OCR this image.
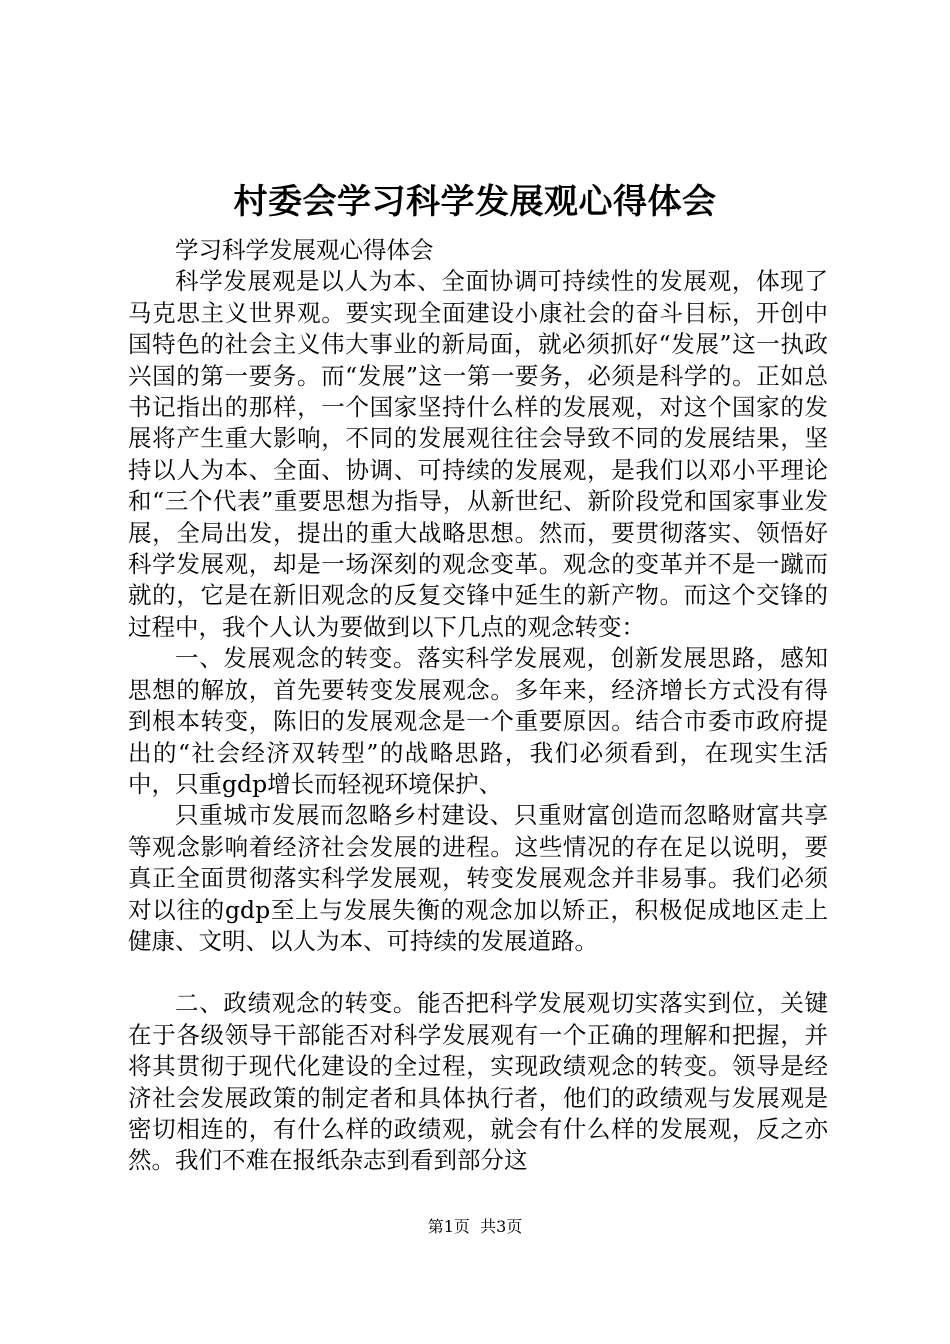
村委会学习科学发展观心得体会

学习科学发展观心得体会

科学发展观是以人为本、全面协调可持续性的发展观，体现了马克思主义世界观。要实现全面建设小康社会的奋斗目标，开创中国特色的社会主义伟大事业的新局面，就必须抓好“发展”这一执政兴国的第一要务。而“发展”这一第一要务，必须是科学的。正如总书记指出的那样，一个国家坚持什么样的发展观，对这个国家的发展将产生重大影响，不同的发展观往往会导致不同的发展结果，坚持以人为本、全面、协调、可持续的发展观，是我们以邓小平理论和“三个代表”重要思想为指导，从新世纪、新阶段党和国家事业发展，全局出发，提出的重大战略思想。然而，要贯彻落实、领悟好科学发展观，却是一场深刻的观念变革。观念的变革并不是一蹴而就的，它是在新旧观念的反复交锋中延生的新产物。而这个交锋的过程中，我个人认为要做到以下几点的观念转变：

一、发展观念的转变。落实科学发展观，创新发展思路，感知思想的解放，首先要转变发展观念。多年来，经济增长方式没有得到根本转变，陈旧的发展观念是一个重要原因。结合市委市政府提出的“社会经济双转型”的战略思路，我们必须看到，在现实生活中，只重gdp增长而轻视环境保护、

只重城市发展而忽略乡村建设、只重财富创造而忽略财富共享等观念影响着经济社会发展的进程。这些情况的存在足以说明，要真正全面贯彻落实科学发展观，转变发展观念并非易事。我们必须对以往的gdp至上与发展失衡的观念加以矫正，积极促成地区走上健康、文明、以人为本、可持续的发展道路。

二、政绩观念的转变。能否把科学发展观切实落实到位，关键在于各级领导干部能否对科学发展观有一个正确的理解和把握，并将其贯彻于现代化建设的全过程，实现政绩观念的转变。领导是经济社会发展政策的制定者和具体执行者，他们的政绩观与发展观是密切相连的，有什么样的政绩观，就会有什么样的发展观，反之亦然。我们不难在报纸杂志到看到部分这

第1页  共3页
